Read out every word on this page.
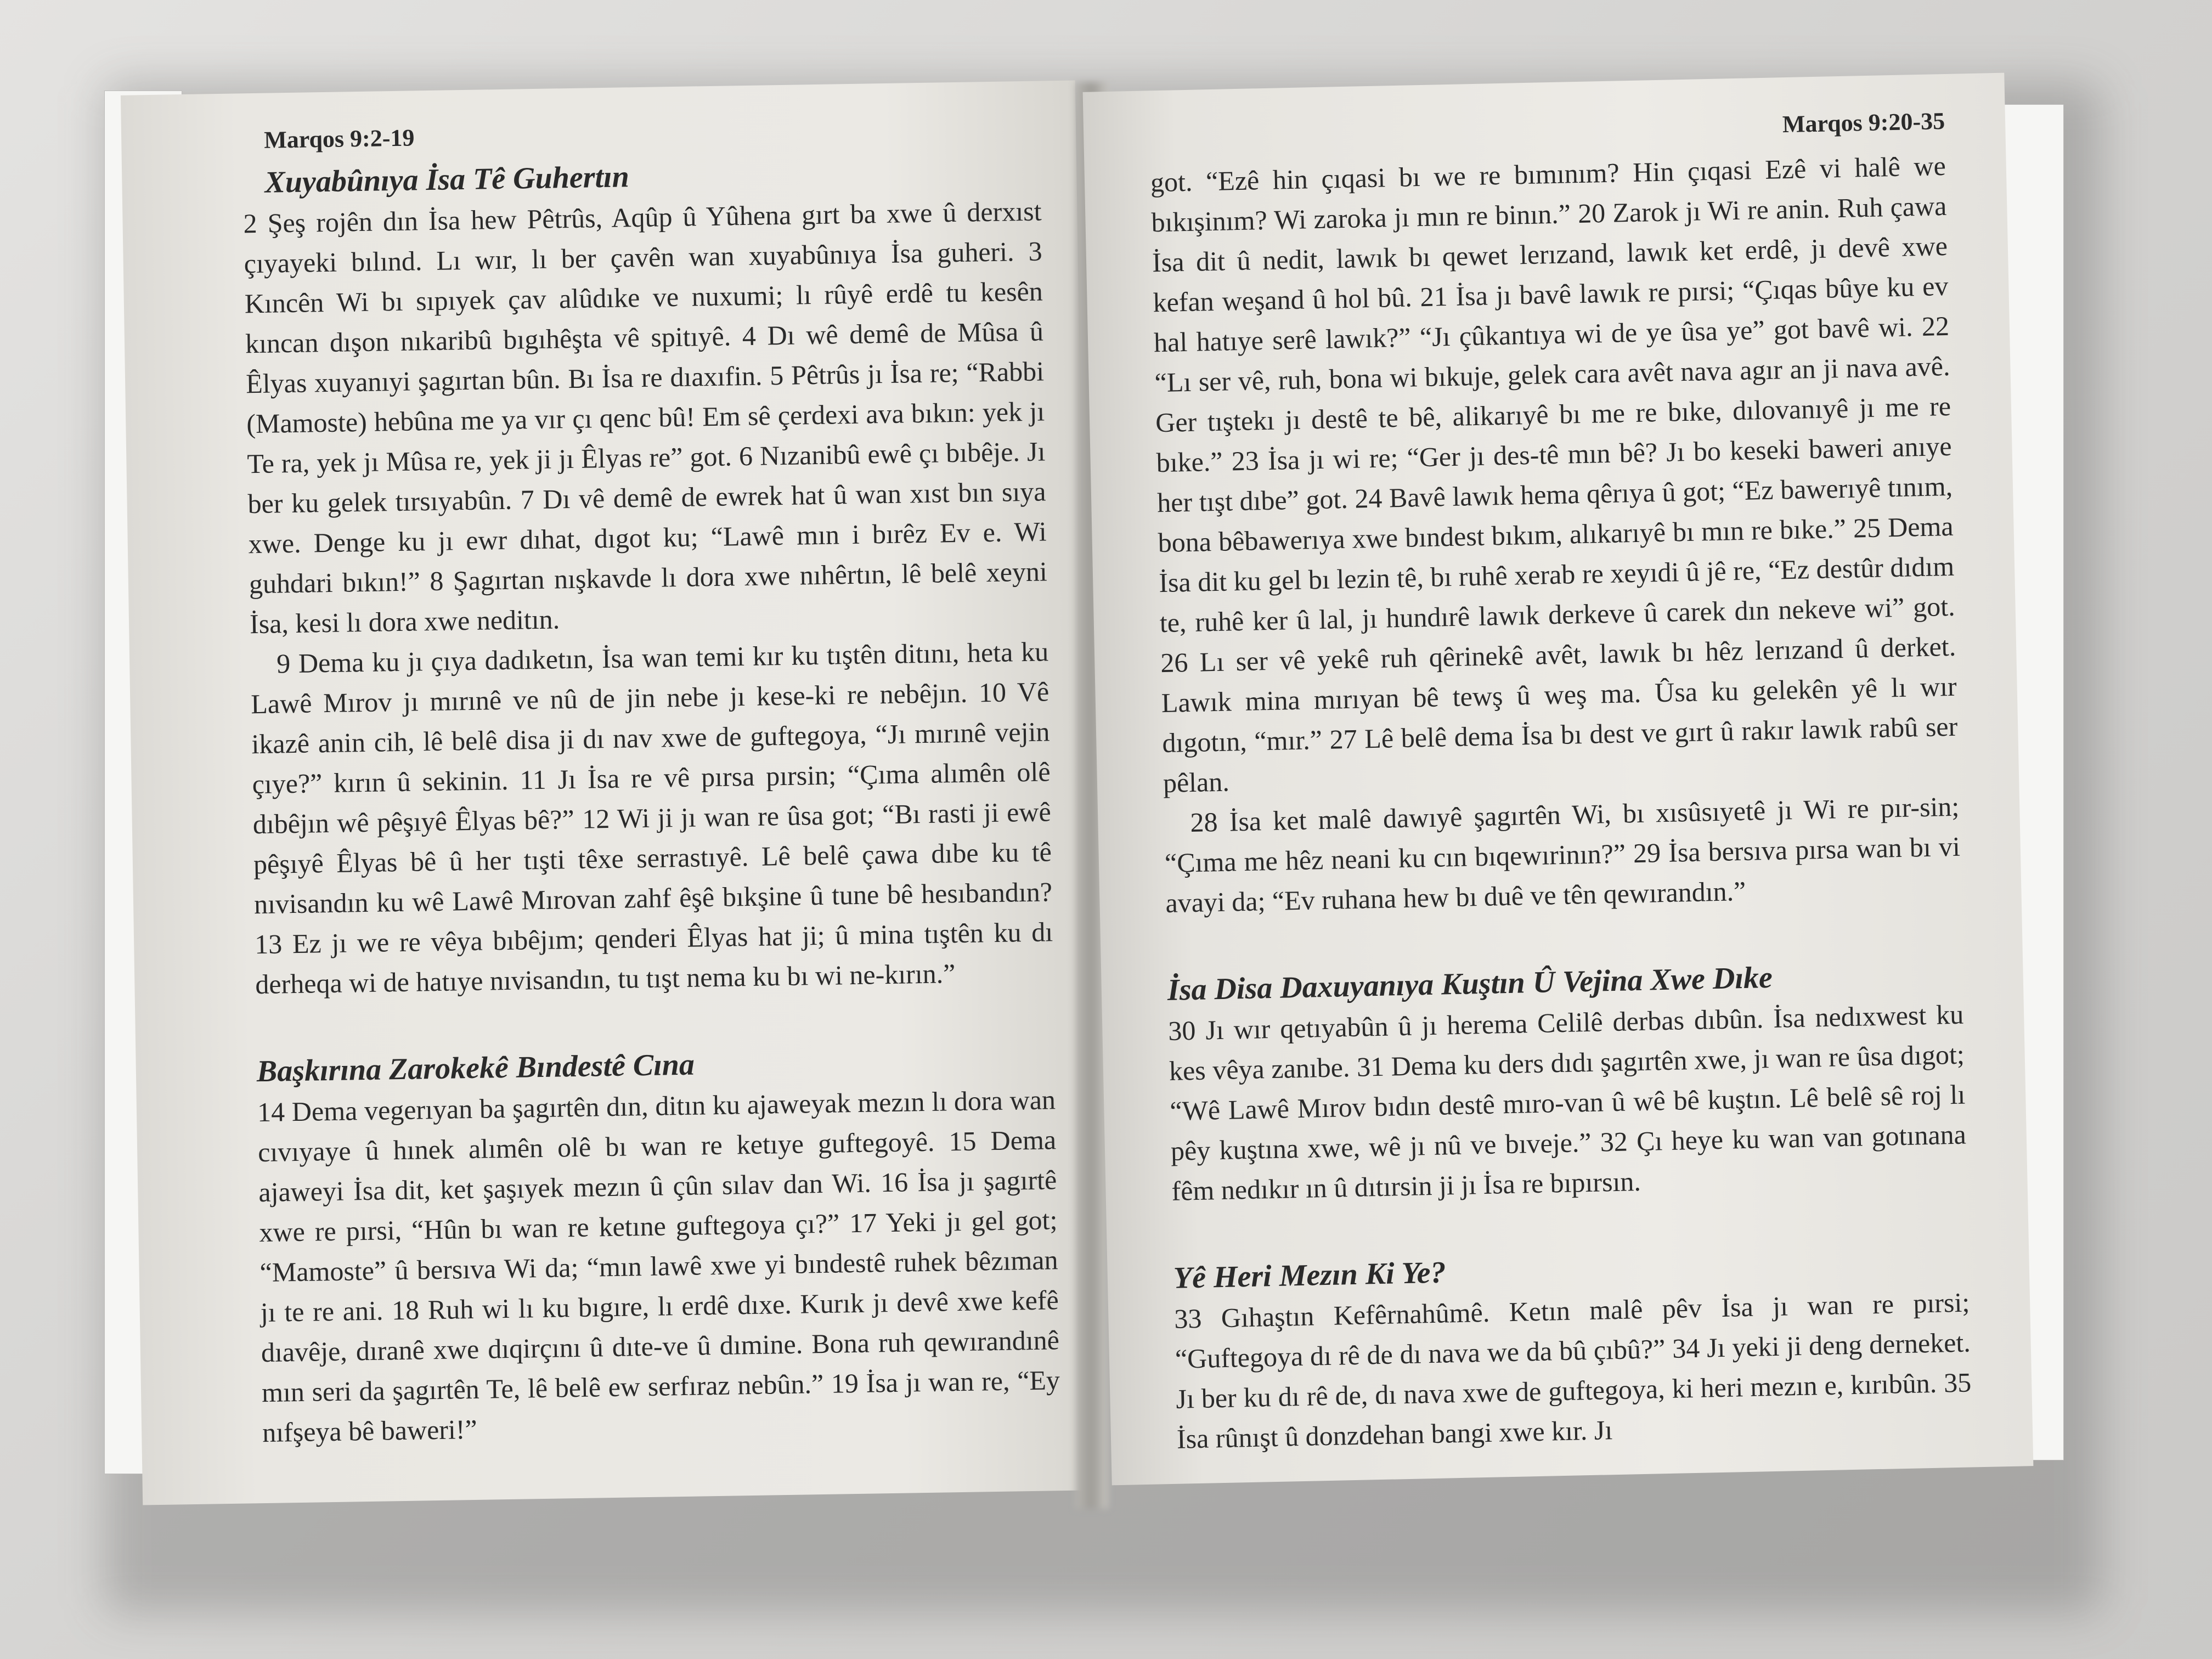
Marqos 9:2-19
Xuyabûnıya İsa Tê Guhertın

2 Şeş rojên dın İsa hew Pêtrûs, Aqûp û Yûhena gırt ba xwe û derxıst çıyayeki bılınd. Lı wır, lı ber çavên wan xuyabûnıya İsa guheri. 3 Kıncên Wi bı sıpıyek çav alûdıke ve nuxumi; lı rûyê erdê tu kesên kıncan dışon nıkaribû bıgıhêşta vê spitıyê. 4 Dı wê demê de Mûsa û Êlyas xuyanıyi şagırtan bûn. Bı İsa re dıaxıfin. 5 Pêtrûs jı İsa re; “Rabbi (Mamoste) hebûna me ya vır çı qenc bû! Em sê çerdexi ava bıkın: yek jı Te ra, yek jı Mûsa re, yek ji jı Êlyas re” got. 6 Nızanibû ewê çı bıbêje. Jı ber ku gelek tırsıyabûn. 7 Dı vê demê de ewrek hat û wan xıst bın sıya xwe. Denge ku jı ewr dıhat, dıgot ku; “Lawê mın i bırêz Ev e. Wi guhdari bıkın!” 8 Şagırtan nışkavde lı dora xwe nıhêrtın, lê belê xeyni İsa, kesi lı dora xwe neditın.

9 Dema ku jı çıya dadıketın, İsa wan temi kır ku tıştên ditını, heta ku Lawê Mırov jı mırınê ve nû de jin nebe jı kese-ki re nebêjın. 10 Vê ikazê anin cih, lê belê disa ji dı nav xwe de guftegoya, “Jı mırınê vejin çıye?” kırın û sekinin. 11 Jı İsa re vê pırsa pırsin; “Çıma alımên olê dıbêjın wê pêşıyê Êlyas bê?” 12 Wi ji jı wan re ûsa got; “Bı rasti ji ewê pêşıyê Êlyas bê û her tışti têxe serrastıyê. Lê belê çawa dıbe ku tê nıvisandın ku wê Lawê Mırovan zahf êşê bıkşine û tune bê hesıbandın? 13 Ez jı we re vêya bıbêjım; qenderi Êlyas hat ji; û mina tıştên ku dı derheqa wi de hatıye nıvisandın, tu tışt nema ku bı wi ne-kırın.”

Başkırına Zarokekê Bındestê Cına

14 Dema vegerıyan ba şagırtên dın, ditın ku ajaweyak mezın lı dora wan cıvıyaye û hınek alımên olê bı wan re ketıye guftegoyê. 15 Dema ajaweyi İsa dit, ket şaşıyek mezın û çûn sılav dan Wi. 16 İsa jı şagırtê xwe re pırsi, “Hûn bı wan re ketıne guftegoya çı?” 17 Yeki jı gel got; “Mamoste” û bersıva Wi da; “mın lawê xwe yi bındestê ruhek bêzıman jı te re ani. 18 Ruh wi lı ku bıgıre, lı erdê dıxe. Kurık jı devê xwe kefê dıavêje, dıranê xwe dıqirçını û dıte-ve û dımine. Bona ruh qewırandınê mın seri da şagırtên Te, lê belê ew serfıraz nebûn.” 19 İsa jı wan re, “Ey nıfşeya bê baweri!”

Marqos 9:20-35

got. “Ezê hin çıqasi bı we re bımınım? Hin çıqasi Ezê vi halê we bıkışinım? Wi zaroka jı mın re binın.” 20 Zarok jı Wi re anin. Ruh çawa İsa dit û nedit, lawık bı qewet lerızand, lawık ket erdê, jı devê xwe kefan weşand û hol bû. 21 İsa jı bavê lawık re pırsi; “Çıqas bûye ku ev hal hatıye serê lawık?” “Jı çûkantıya wi de ye ûsa ye” got bavê wi. 22 “Lı ser vê, ruh, bona wi bıkuje, gelek cara avêt nava agır an ji nava avê. Ger tıştekı jı destê te bê, alikarıyê bı me re bıke, dılovanıyê jı me re bıke.” 23 İsa jı wi re; “Ger jı des-tê mın bê? Jı bo keseki baweri anıye her tışt dıbe” got. 24 Bavê lawık hema qêrıya û got; “Ez bawerıyê tınım, bona bêbawerıya xwe bındest bıkım, alıkarıyê bı mın re bıke.” 25 Dema İsa dit ku gel bı lezin tê, bı ruhê xerab re xeyıdi û jê re, “Ez destûr dıdım te, ruhê ker û lal, jı hundırê lawık derkeve û carek dın nekeve wi” got. 26 Lı ser vê yekê ruh qêrinekê avêt, lawık bı hêz lerızand û derket. Lawık mina mırıyan bê tewş û weş ma. Ûsa ku gelekên yê lı wır dıgotın, “mır.” 27 Lê belê dema İsa bı dest ve gırt û rakır lawık rabû ser pêlan.

28 İsa ket malê dawıyê şagırtên Wi, bı xısûsıyetê jı Wi re pır-sin; “Çıma me hêz neani ku cın bıqewırinın?” 29 İsa bersıva pırsa wan bı vi avayi da; “Ev ruhana hew bı duê ve tên qewırandın.”

İsa Disa Daxuyanıya Kuştın Û Vejina Xwe Dıke

30 Jı wır qetıyabûn û jı herema Celilê derbas dıbûn. İsa nedıxwest ku kes vêya zanıbe. 31 Dema ku ders dıdı şagırtên xwe, jı wan re ûsa dıgot; “Wê Lawê Mırov bıdın destê mıro-van û wê bê kuştın. Lê belê sê roj lı pêy kuştına xwe, wê jı nû ve bıveje.” 32 Çı heye ku wan van gotınana fêm nedıkır ın û dıtırsin ji jı İsa re bıpırsın.

Yê Heri Mezın Ki Ye?

33 Gıhaştın Kefêrnahûmê. Ketın malê pêv İsa jı wan re pırsi; “Guftegoya dı rê de dı nava we da bû çıbû?” 34 Jı yeki ji deng derneket. Jı ber ku dı rê de, dı nava xwe de guftegoya, ki heri mezın e, kırıbûn. 35 İsa rûnışt û donzdehan bangi xwe kır. Jı
